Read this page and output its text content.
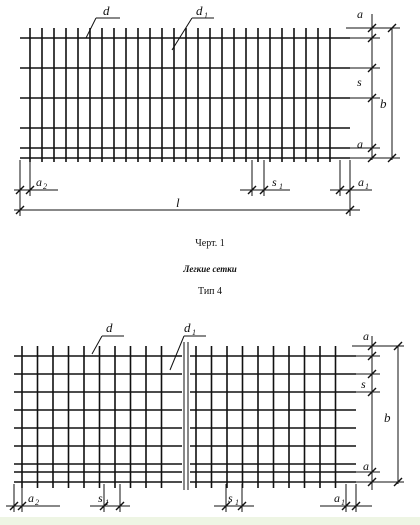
d	d 1	a
s
b
a
a 2	s 1	a 1
l
Черт. 1
Легкие сетки
Тип 4
d	d 1	a
s
b
a
a 2	s 1	s 1	a 1
